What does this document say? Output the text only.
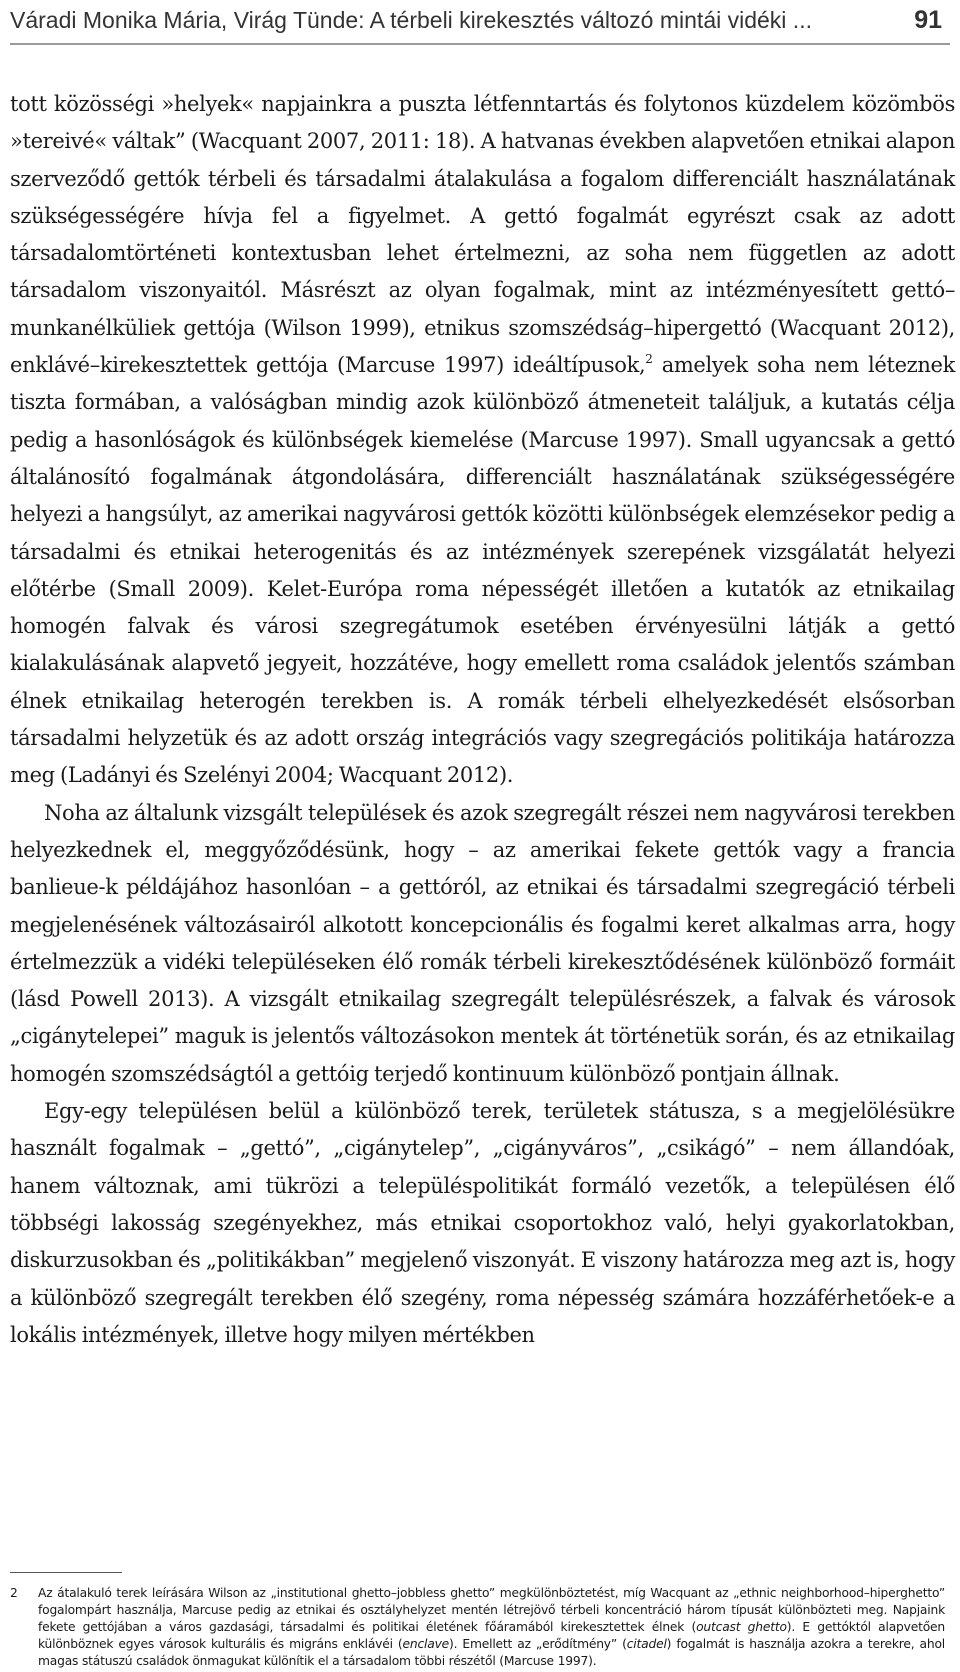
Váradi Monika Mária, Virág Tünde: A térbeli kirekesztés változó mintái vidéki ...	91

tott közösségi »helyek« napjainkra a puszta létfenntartás és folytonos küzdelem közömbös »tereivé« váltak” (Wacquant 2007, 2011: 18). A hatvanas években alapvetően etnikai alapon szerveződő gettók térbeli és társadalmi átalakulása a fogalom differenciált használatának szükségességére hívja fel a figyelmet. A gettó fogalmát egyrészt csak az adott társadalomtörténeti kontextusban lehet értelmezni, az soha nem független az adott társadalom viszonyaitól. Másrészt az olyan fogalmak, mint az intézményesített gettó–munkanélküliek gettója (Wilson 1999), etnikus szomszédság–hipergettó (Wacquant 2012), enklávé–kirekesztettek gettója (Marcuse 1997) ideáltípusok,$^2$ amelyek soha nem léteznek tiszta formában, a valóságban mindig azok különböző átmeneteit találjuk, a kutatás célja pedig a hasonlóságok és különbségek kiemelése (Marcuse 1997). Small ugyancsak a gettó általánosító fogalmának átgondolására, differenciált használatának szükségességére helyezi a hangsúlyt, az amerikai nagyvárosi gettók közötti különbségek elemzésekor pedig a társadalmi és etnikai heterogenitás és az intézmények szerepének vizsgálatát helyezi előtérbe (Small 2009). Kelet-Európa roma népességét illetően a kutatók az etnikailag homogén falvak és városi szegregátumok esetében érvényesülni látják a gettó kialakulásának alapvető jegyeit, hozzátéve, hogy emellett roma családok jelentős számban élnek etnikailag heterogén terekben is. A romák térbeli elhelyezkedését elsősorban társadalmi helyzetük és az adott ország integrációs vagy szegregációs politikája határozza meg (Ladányi és Szelényi 2004; Wacquant 2012).

Noha az általunk vizsgált települések és azok szegregált részei nem nagyvárosi terekben helyezkednek el, meggyőződésünk, hogy – az amerikai fekete gettók vagy a francia banlieue-k példájához hasonlóan – a gettóról, az etnikai és társadalmi szegregáció térbeli megjelenésének változásairól alkotott koncepcionális és fogalmi keret alkalmas arra, hogy értelmezzük a vidéki településeken élő romák térbeli kirekesztődésének különböző formáit (lásd Powell 2013). A vizsgált etnikailag szegregált településrészek, a falvak és városok „cigánytelepei” maguk is jelentős változásokon mentek át történetük során, és az etnikailag homogén szomszédságtól a gettóig terjedő kontinuum különböző pontjain állnak.

Egy-egy településen belül a különböző terek, területek státusza, s a megjelölésükre használt fogalmak – „gettó”, „cigánytelep”, „cigányváros”, „csikágó” – nem állandóak, hanem változnak, ami tükrözi a településpolitikát formáló vezetők, a településen élő többségi lakosság szegényekhez, más etnikai csoportokhoz való, helyi gyakorlatokban, diskurzusokban és „politikákban” megjelenő viszonyát. E viszony határozza meg azt is, hogy a különböző szegregált terekben élő szegény, roma népesség számára hozzáférhetőek-e a lokális intézmények, illetve hogy milyen mértékben

2 Az átalakuló terek leírására Wilson az „institutional ghetto–jobbless ghetto” megkülönböztetést, míg Wacquant az „ethnic neighborhood–hiperghetto” fogalompárt használja, Marcuse pedig az etnikai és osztályhelyzet mentén létrejövő térbeli koncentráció három típusát különbözteti meg. Napjaink fekete gettójában a város gazdasági, társadalmi és politikai életének főáramából kirekesztettek élnek (outcast ghetto). E gettóktól alapvetően különböznek egyes városok kulturális és migráns enklávéi (enclave). Emellett az „erődítmény” (citadel) fogalmát is használja azokra a terekre, ahol magas státuszú családok önmagukat különítik el a társadalom többi részétől (Marcuse 1997).
